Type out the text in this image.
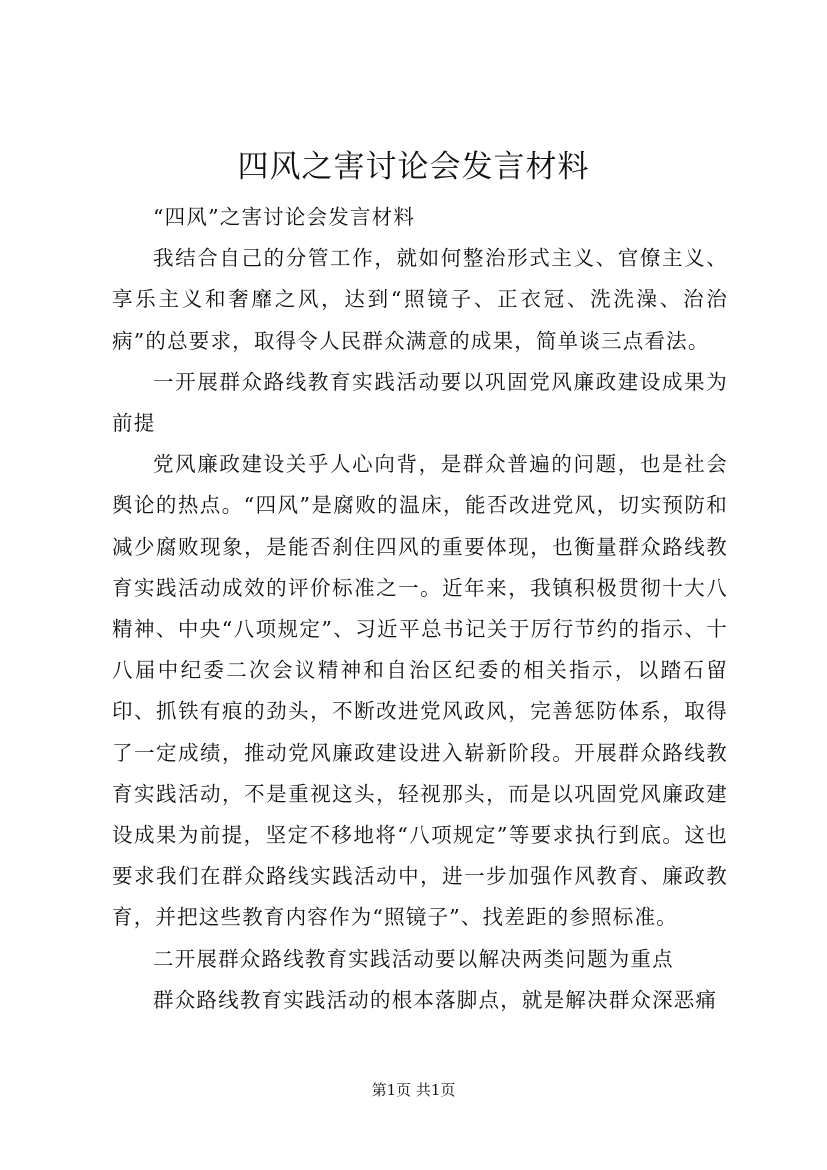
四风之害讨论会发言材料

“四风”之害讨论会发言材料

我结合自己的分管工作，就如何整治形式主义、官僚主义、享乐主义和奢靡之风，达到“照镜子、正衣冠、洗洗澡、治治病”的总要求，取得令人民群众满意的成果，简单谈三点看法。

一开展群众路线教育实践活动要以巩固党风廉政建设成果为前提

党风廉政建设关乎人心向背，是群众普遍的问题，也是社会舆论的热点。“四风”是腐败的温床，能否改进党风，切实预防和减少腐败现象，是能否刹住四风的重要体现，也衡量群众路线教育实践活动成效的评价标准之一。近年来，我镇积极贯彻十大八精神、中央“八项规定”、习近平总书记关于厉行节约的指示、十八届中纪委二次会议精神和自治区纪委的相关指示，以踏石留印、抓铁有痕的劲头，不断改进党风政风，完善惩防体系，取得了一定成绩，推动党风廉政建设进入崭新阶段。开展群众路线教育实践活动，不是重视这头，轻视那头，而是以巩固党风廉政建设成果为前提，坚定不移地将“八项规定”等要求执行到底。这也要求我们在群众路线实践活动中，进一步加强作风教育、廉政教育，并把这些教育内容作为“照镜子”、找差距的参照标准。

二开展群众路线教育实践活动要以解决两类问题为重点

群众路线教育实践活动的根本落脚点，就是解决群众深恶痛

第1页 共1页
